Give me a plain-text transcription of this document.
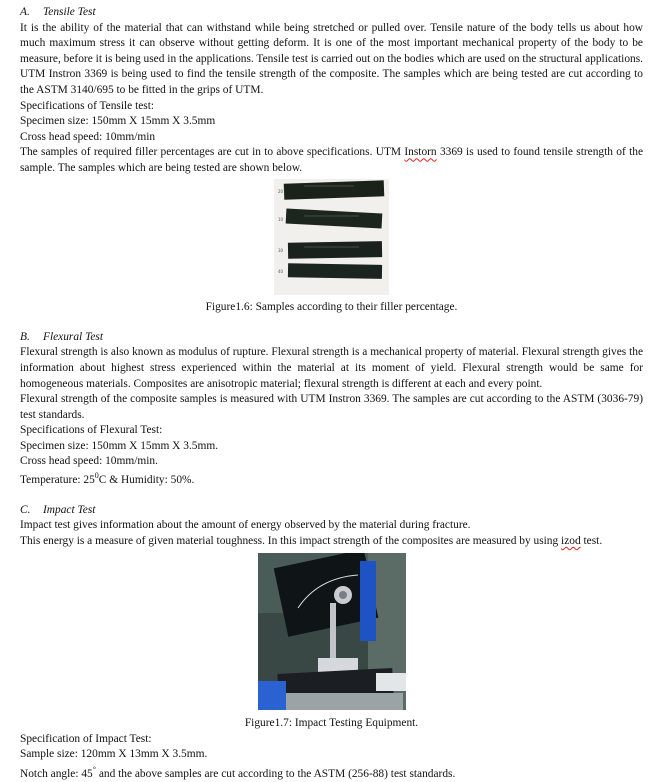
A. Tensile Test

It is the ability of the material that can withstand while being stretched or pulled over. Tensile nature of the body tells us about how much maximum stress it can observe without getting deform. It is one of the most important mechanical property of the body to be measure, before it is being used in the applications. Tensile test is carried out on the bodies which are used on the structural applications. UTM Instron 3369 is being used to find the tensile strength of the composite. The samples which are being tested are cut according to the ASTM 3140/695 to be fitted in the grips of UTM.

Specifications of Tensile test:
Specimen size: 150mm X 15mm X 3.5mm
Cross head speed: 10mm/min

The samples of required filler percentages are cut in to above specifications. UTM Instorn 3369 is used to found tensile strength of the sample. The samples which are being tested are shown below.

20
10
30
40
Figure1.6: Samples according to their filler percentage.
B. Flexural Test

Flexural strength is also known as modulus of rupture. Flexural strength is a mechanical property of material. Flexural strength gives the information about highest stress experienced within the material at its moment of yield. Flexural strength would be same for homogeneous materials. Composites are anisotropic material; flexural strength is different at each and every point.

Flexural strength of the composite samples is measured with UTM Instron 3369. The samples are cut according to the ASTM (3036-79) test standards.

Specifications of Flexural Test:
Specimen size: 150mm X 15mm X 3.5mm.
Cross head speed: 10mm/min.
Temperature: $25^0C$ & Humidity: 50%.
C. Impact Test

Impact test gives information about the amount of energy observed by the material during fracture.

This energy is a measure of given material toughness. In this impact strength of the composites are measured by using izod test.

Figure1.7: Impact Testing Equipment.
Specification of Impact Test:
Sample size: 120mm X 13mm X 3.5mm.
Notch angle: 45° and the above samples are cut according to the ASTM (256-88) test standards.
